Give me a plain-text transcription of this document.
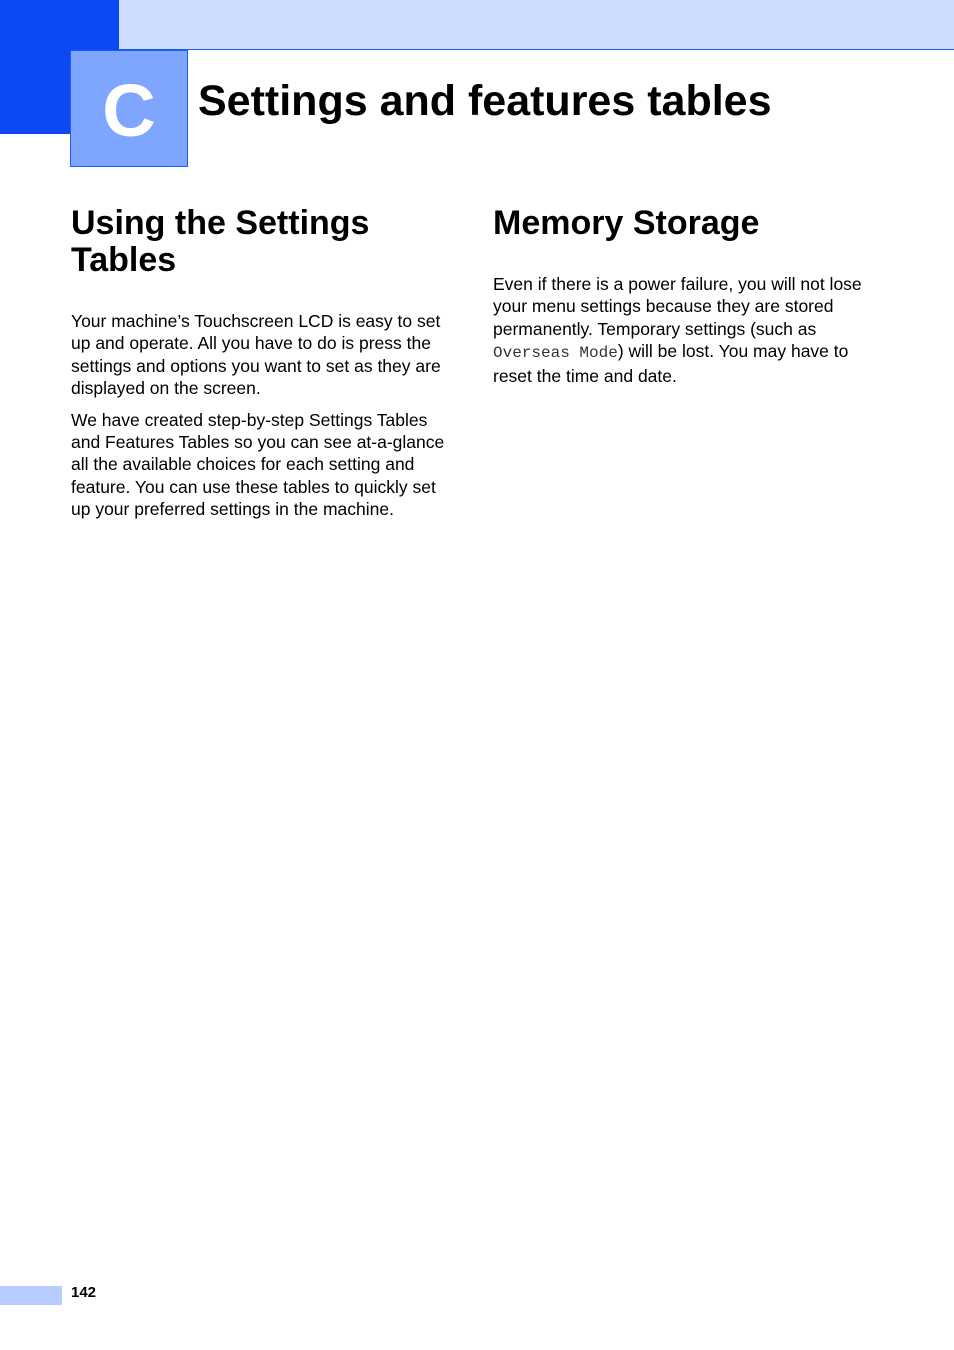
C Settings and features tables
Using the Settings Tables

Your machine’s Touchscreen LCD is easy to set up and operate. All you have to do is press the settings and options you want to set as they are displayed on the screen.

We have created step-by-step Settings Tables and Features Tables so you can see at-a-glance all the available choices for each setting and feature. You can use these tables to quickly set up your preferred settings in the machine.

Memory Storage

Even if there is a power failure, you will not lose your menu settings because they are stored permanently. Temporary settings (such as Overseas Mode) will be lost. You may have to reset the time and date.

142
